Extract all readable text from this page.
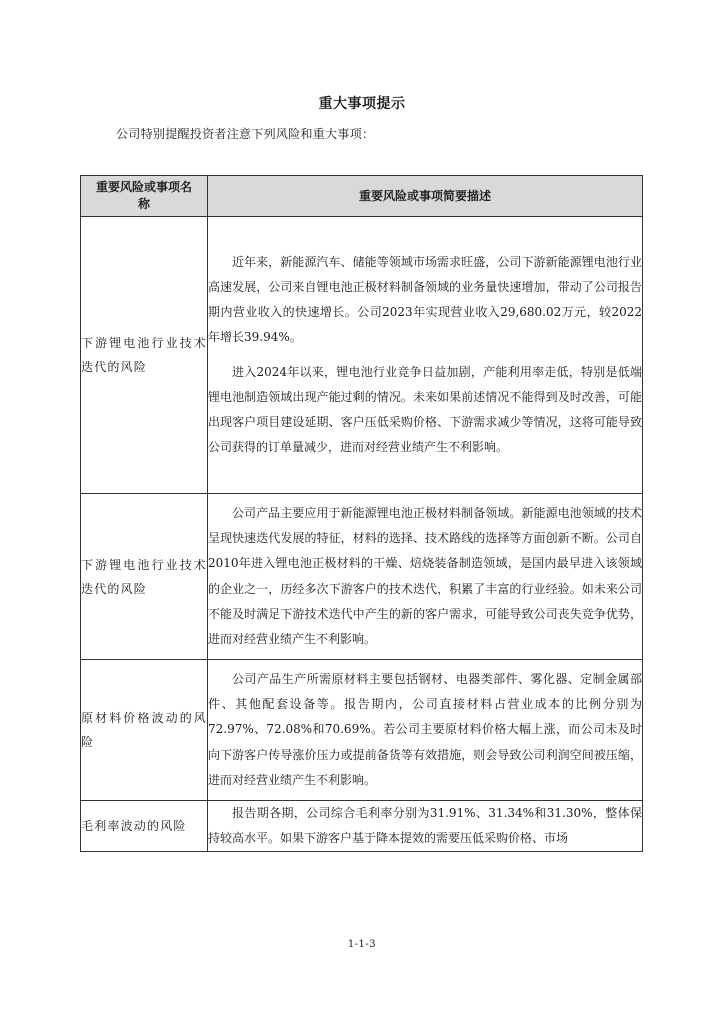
重大事项提示
公司特别提醒投资者注意下列风险和重大事项：
重要风险或事项名称	重要风险或事项简要描述
下游锂电池行业技术迭代的风险	近年来，新能源汽车、储能等领域市场需求旺盛，公司下游新能源锂电池行业高速发展，公司来自锂电池正极材料制备领域的业务量快速增加，带动了公司报告期内营业收入的快速增长。公司2023年实现营业收入29,680.02万元，较2022年增长39.94%。

进入2024年以来，锂电池行业竞争日益加剧，产能利用率走低，特别是低端锂电池制造领域出现产能过剩的情况。未来如果前述情况不能得到及时改善，可能出现客户项目建设延期、客户压低采购价格、下游需求减少等情况，这将可能导致公司获得的订单量减少，进而对经营业绩产生不利影响。

下游锂电池行业技术迭代的风险	公司产品主要应用于新能源锂电池正极材料制备领域。新能源电池领域的技术呈现快速迭代发展的特征，材料的选择、技术路线的选择等方面创新不断。公司自2010年进入锂电池正极材料的干燥、焙烧装备制造领域，是国内最早进入该领域的企业之一，历经多次下游客户的技术迭代，积累了丰富的行业经验。如未来公司不能及时满足下游技术迭代中产生的新的客户需求，可能导致公司丧失竞争优势，进而对经营业绩产生不利影响。

原材料价格波动的风险	公司产品生产所需原材料主要包括钢材、电器类部件、雾化器、定制金属部件、其他配套设备等。报告期内，公司直接材料占营业成本的比例分别为72.97%、72.08%和70.69%。若公司主要原材料价格大幅上涨，而公司未及时向下游客户传导涨价压力或提前备货等有效措施，则会导致公司利润空间被压缩，进而对经营业绩产生不利影响。

毛利率波动的风险	报告期各期，公司综合毛利率分别为31.91%、31.34%和31.30%，整体保持较高水平。如果下游客户基于降本提效的需要压低采购价格、市场

1-1-3
